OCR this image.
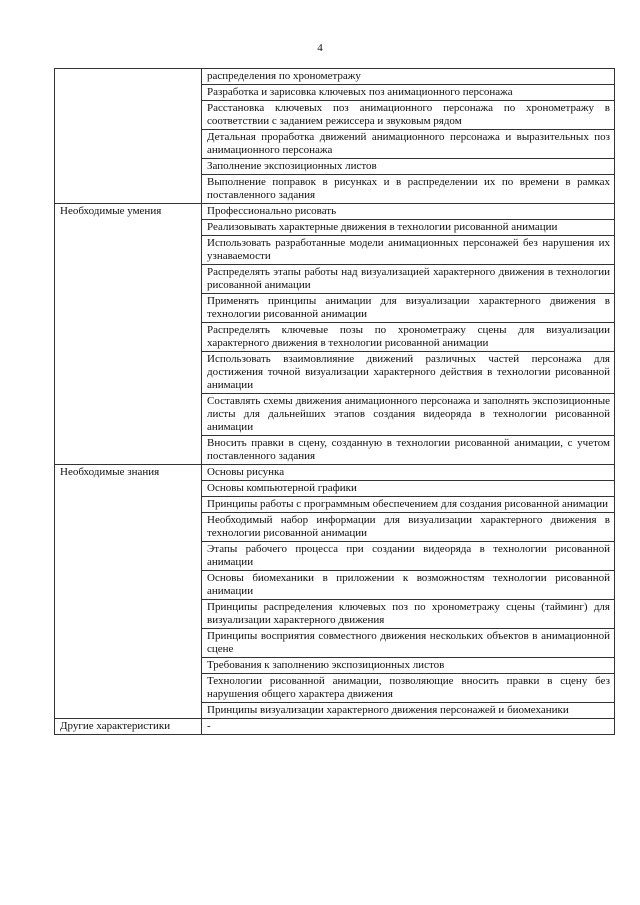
4
	распределения по хронометражу
	Разработка и зарисовка ключевых поз анимационного персонажа
	Расстановка ключевых поз анимационного персонажа по хронометражу в соответствии с заданием режиссера и звуковым рядом
	Детальная проработка движений анимационного персонажа и выразительных поз анимационного персонажа
	Заполнение экспозиционных листов
	Выполнение поправок в рисунках и в распределении их по времени в рамках поставленного задания
Необходимые умения	Профессионально рисовать
	Реализовывать характерные движения в технологии рисованной анимации
	Использовать разработанные модели анимационных персонажей без нарушения их узнаваемости
	Распределять этапы работы над визуализацией характерного движения в технологии рисованной анимации
	Применять принципы анимации для визуализации характерного движения в технологии рисованной анимации
	Распределять ключевые позы по хронометражу сцены для визуализации характерного движения в технологии рисованной анимации
	Использовать взаимовлияние движений различных частей персонажа для достижения точной визуализации характерного действия в технологии рисованной анимации
	Составлять схемы движения анимационного персонажа и заполнять экспозиционные листы для дальнейших этапов создания видеоряда в технологии рисованной анимации
	Вносить правки в сцену, созданную в технологии рисованной анимации, с учетом поставленного задания
Необходимые знания	Основы рисунка
	Основы компьютерной графики
	Принципы работы с программным обеспечением для создания рисованной анимации
	Необходимый набор информации для визуализации характерного движения в технологии рисованной анимации
	Этапы рабочего процесса при создании видеоряда в технологии рисованной анимации
	Основы биомеханики в приложении к возможностям технологии рисованной анимации
	Принципы распределения ключевых поз по хронометражу сцены (тайминг) для визуализации характерного движения
	Принципы восприятия совместного движения нескольких объектов в анимационной сцене
	Требования к заполнению экспозиционных листов
	Технологии рисованной анимации, позволяющие вносить правки в сцену без нарушения общего характера движения
	Принципы визуализации характерного движения персонажей и биомеханики
Другие характеристики	-
